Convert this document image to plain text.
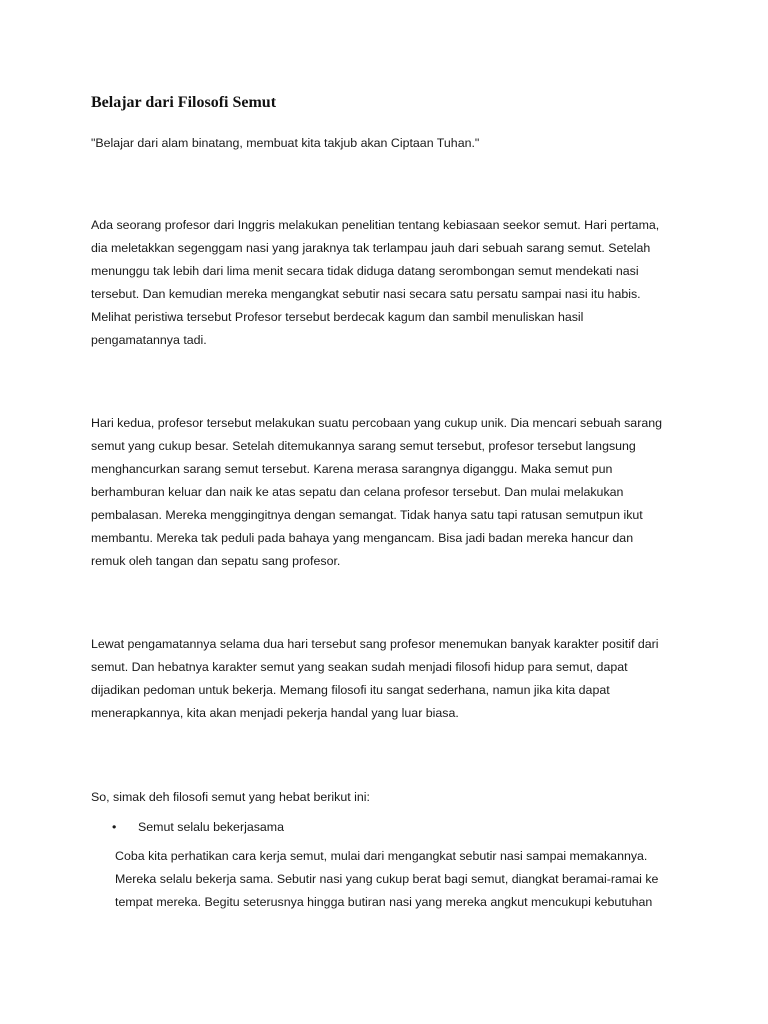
Belajar dari Filosofi Semut

"Belajar dari alam binatang, membuat kita takjub akan Ciptaan Tuhan."

Ada seorang profesor dari Inggris melakukan penelitian tentang kebiasaan seekor semut. Hari pertama,
dia meletakkan segenggam nasi yang jaraknya tak terlampau jauh dari sebuah sarang semut. Setelah
menunggu tak lebih dari lima menit secara tidak diduga datang serombongan semut mendekati nasi
tersebut. Dan kemudian mereka mengangkat sebutir nasi secara satu persatu sampai nasi itu habis.
Melihat peristiwa tersebut Profesor tersebut berdecak kagum dan sambil menuliskan hasil
pengamatannya tadi.

Hari kedua, profesor tersebut melakukan suatu percobaan yang cukup unik. Dia mencari sebuah sarang
semut yang cukup besar. Setelah ditemukannya sarang semut tersebut, profesor tersebut langsung
menghancurkan sarang semut tersebut. Karena merasa sarangnya diganggu. Maka semut pun
berhamburan keluar dan naik ke atas sepatu dan celana profesor tersebut. Dan mulai melakukan
pembalasan. Mereka menggingitnya dengan semangat. Tidak hanya satu tapi ratusan semutpun ikut
membantu. Mereka tak peduli pada bahaya yang mengancam. Bisa jadi badan mereka hancur dan
remuk oleh tangan dan sepatu sang profesor.

Lewat pengamatannya selama dua hari tersebut sang profesor menemukan banyak karakter positif dari
semut. Dan hebatnya karakter semut yang seakan sudah menjadi filosofi hidup para semut, dapat
dijadikan pedoman untuk bekerja. Memang filosofi itu sangat sederhana, namun jika kita dapat
menerapkannya, kita akan menjadi pekerja handal yang luar biasa.

So, simak deh filosofi semut yang hebat berikut ini:

• Semut selalu bekerjasama

Coba kita perhatikan cara kerja semut, mulai dari mengangkat sebutir nasi sampai memakannya.
Mereka selalu bekerja sama. Sebutir nasi yang cukup berat bagi semut, diangkat beramai-ramai ke
tempat mereka. Begitu seterusnya hingga butiran nasi yang mereka angkut mencukupi kebutuhan
